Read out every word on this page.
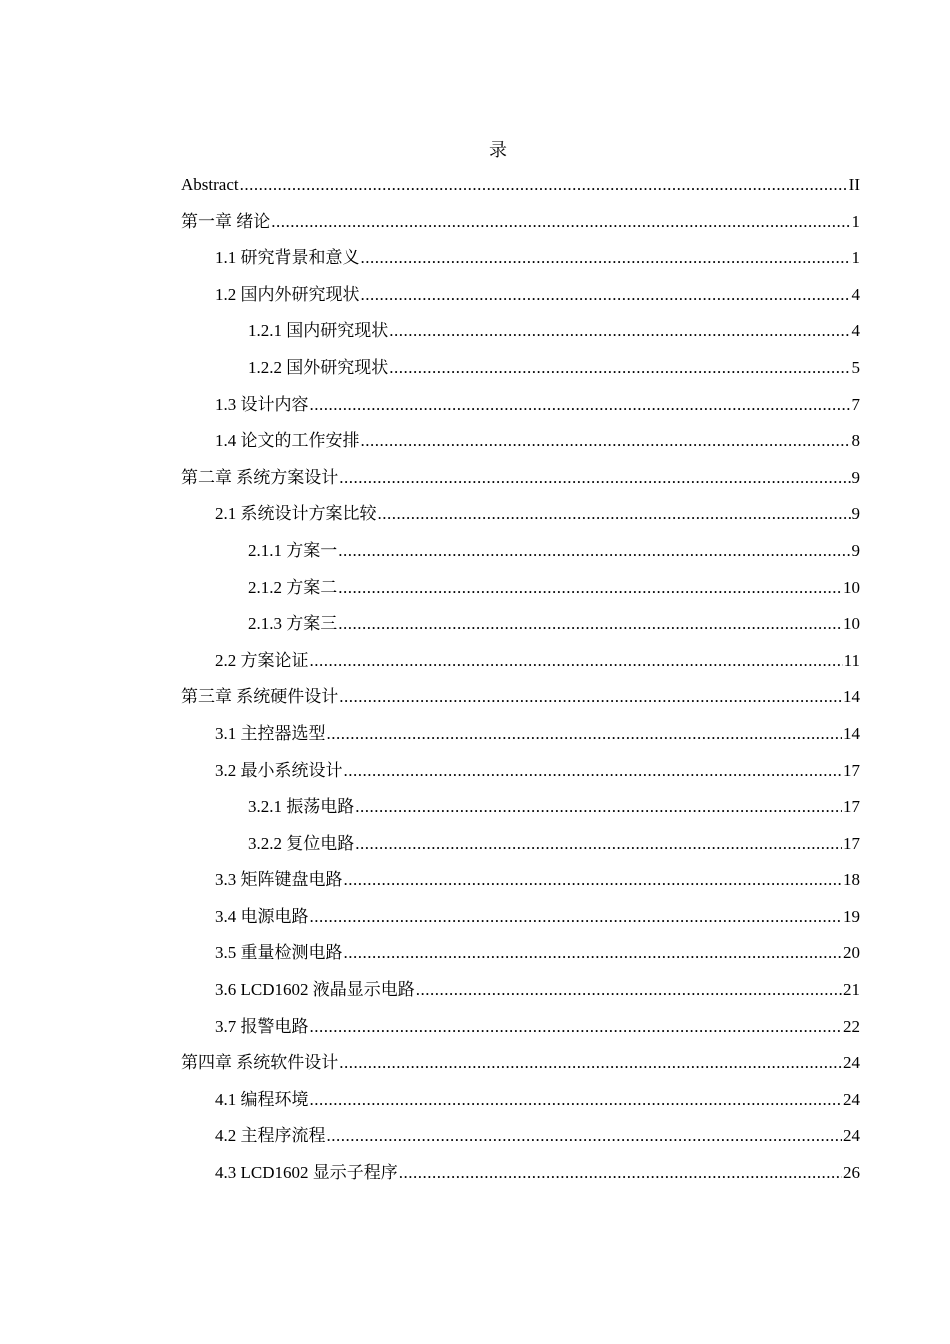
录
Abstract .....	II
第一章 绪论 .....	1
1.1 研究背景和意义 .....	1
1.2 国内外研究现状 .....	4
1.2.1 国内研究现状 .....	4
1.2.2 国外研究现状 .....	5
1.3 设计内容 .....	7
1.4 论文的工作安排 .....	8
第二章 系统方案设计 .....	9
2.1 系统设计方案比较 .....	9
2.1.1 方案一 .....	9
2.1.2 方案二 .....	10
2.1.3 方案三 .....	10
2.2 方案论证 .....	11
第三章 系统硬件设计 .....	14
3.1 主控器选型 .....	14
3.2 最小系统设计 .....	17
3.2.1 振荡电路 .....	17
3.2.2 复位电路 .....	17
3.3 矩阵键盘电路 .....	18
3.4 电源电路 .....	19
3.5 重量检测电路 .....	20
3.6 LCD1602 液晶显示电路 .....	21
3.7 报警电路 .....	22
第四章 系统软件设计 .....	24
4.1 编程环境 .....	24
4.2 主程序流程 .....	24
4.3 LCD1602 显示子程序 .....	26
